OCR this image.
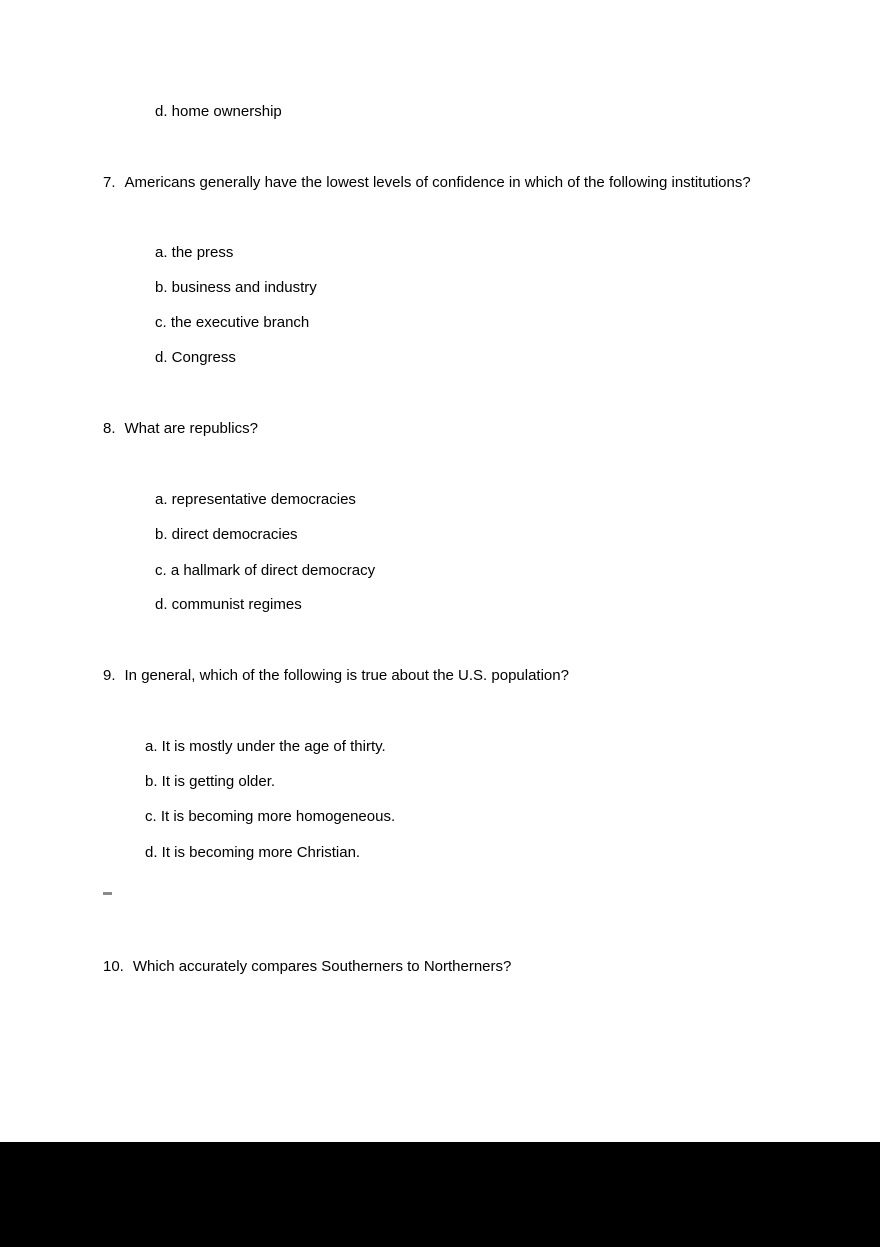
d. home ownership
7. Americans generally have the lowest levels of confidence in which of the following institutions?
a. the press
b. business and industry
c. the executive branch
d. Congress
8. What are republics?
a. representative democracies
b. direct democracies
c. a hallmark of direct democracy
d. communist regimes
9. In general, which of the following is true about the U.S. population?
a. It is mostly under the age of thirty.
b. It is getting older.
c. It is becoming more homogeneous.
d. It is becoming more Christian.
10. Which accurately compares Southerners to Northerners?
